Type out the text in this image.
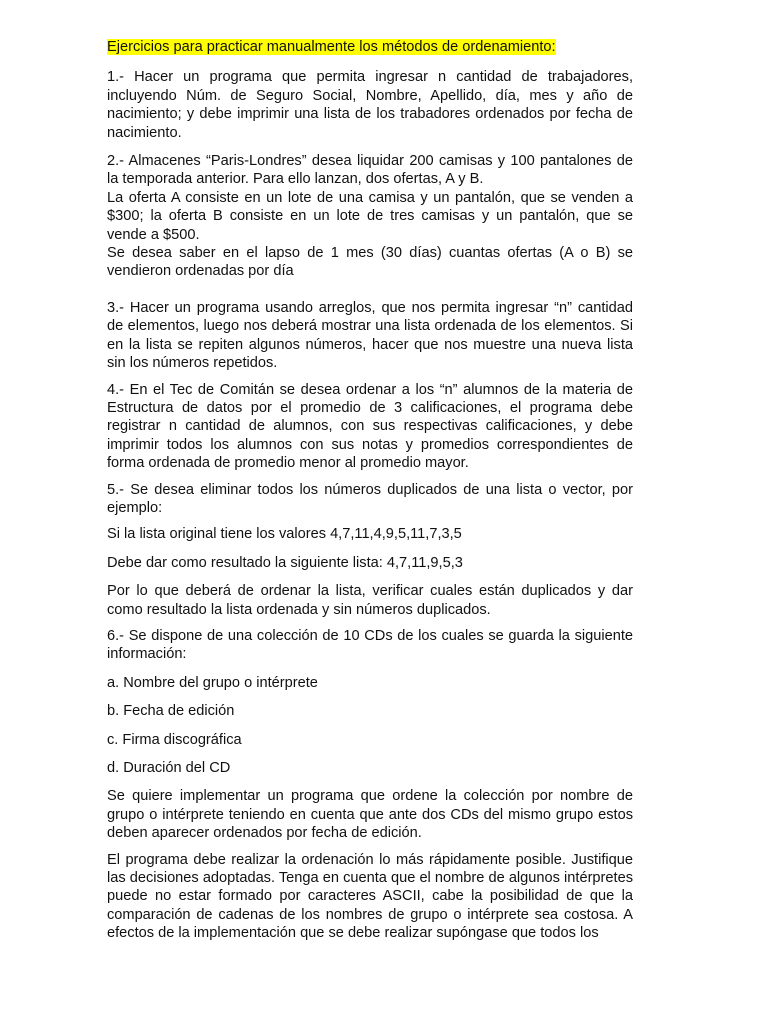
Ejercicios para practicar manualmente los métodos de ordenamiento:

1.- Hacer un programa que permita ingresar n cantidad de trabajadores, incluyendo Núm. de Seguro Social, Nombre, Apellido, día, mes y año de nacimiento; y debe imprimir una lista de los trabadores ordenados por fecha de nacimiento.

2.- Almacenes “Paris-Londres” desea liquidar 200 camisas y 100 pantalones de la temporada anterior. Para ello lanzan, dos ofertas, A y B.

La oferta A consiste en un lote de una camisa y un pantalón, que se venden a $300; la oferta B consiste en un lote de tres camisas y un pantalón, que se vende a $500.

Se desea saber en el lapso de 1 mes (30 días) cuantas ofertas (A o B) se vendieron ordenadas por día

3.- Hacer un programa usando arreglos, que nos permita ingresar “n” cantidad de elementos, luego nos deberá mostrar una lista ordenada de los elementos. Si en la lista se repiten algunos números, hacer que nos muestre una nueva lista sin los números repetidos.

4.- En el Tec de Comitán se desea ordenar a los “n” alumnos de la materia de Estructura de datos por el promedio de 3 calificaciones, el programa debe registrar n cantidad de alumnos, con sus respectivas calificaciones, y debe imprimir todos los alumnos con sus notas y promedios correspondientes de forma ordenada de promedio menor al promedio mayor.

5.- Se desea eliminar todos los números duplicados de una lista o vector, por ejemplo:

Si la lista original tiene los valores 4,7,11,4,9,5,11,7,3,5

Debe dar como resultado la siguiente lista: 4,7,11,9,5,3

Por lo que deberá de ordenar la lista, verificar cuales están duplicados y dar como resultado la lista ordenada y sin números duplicados.

6.- Se dispone de una colección de 10 CDs de los cuales se guarda la siguiente información:

a. Nombre del grupo o intérprete

b. Fecha de edición

c. Firma discográfica

d. Duración del CD

Se quiere implementar un programa que ordene la colección por nombre de grupo o intérprete teniendo en cuenta que ante dos CDs del mismo grupo estos deben aparecer ordenados por fecha de edición.

El programa debe realizar la ordenación lo más rápidamente posible. Justifique las decisiones adoptadas. Tenga en cuenta que el nombre de algunos intérpretes puede no estar formado por caracteres ASCII, cabe la posibilidad de que la comparación de cadenas de los nombres de grupo o intérprete sea costosa. A efectos de la implementación que se debe realizar supóngase que todos los
